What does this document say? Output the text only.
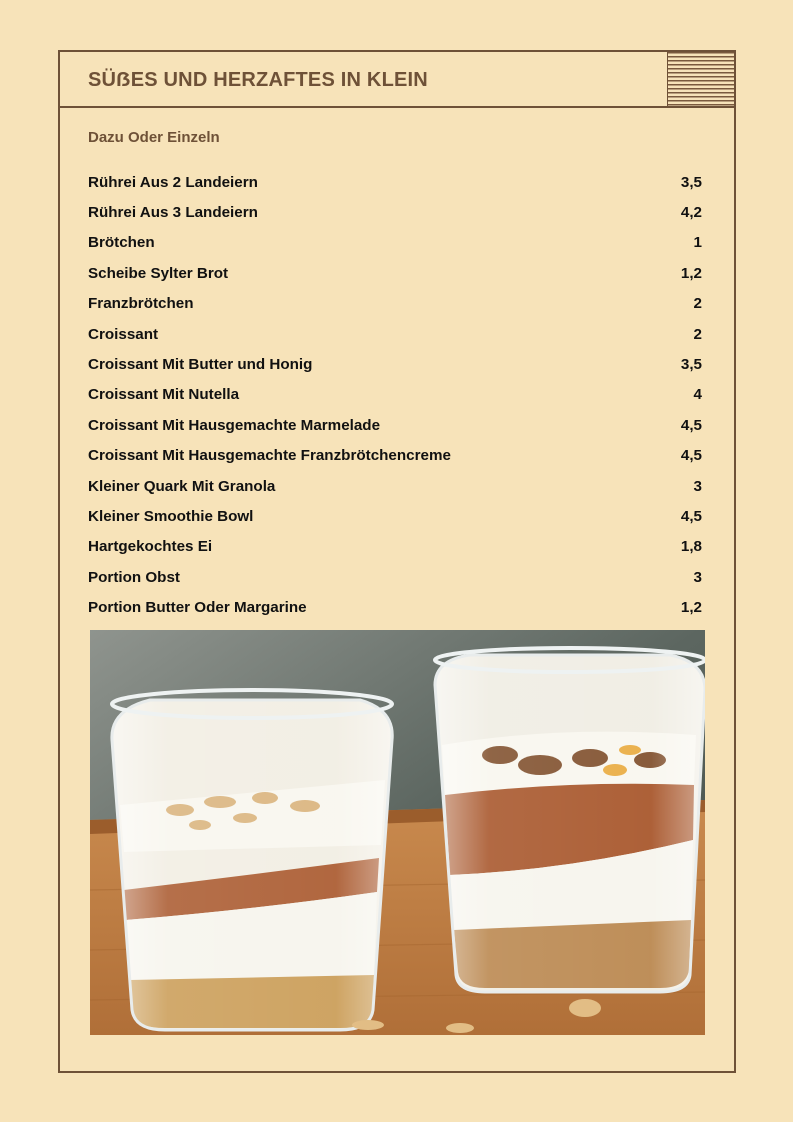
SÜẞES UND HERZAFTES IN KLEIN
Dazu Oder Einzeln
Rührei Aus 2 Landeiern	3,5
Rührei Aus 3 Landeiern	4,2
Brötchen	1
Scheibe Sylter Brot	1,2
Franzbrötchen	2
Croissant	2
Croissant Mit Butter und Honig	3,5
Croissant Mit Nutella	4
Croissant Mit Hausgemachte Marmelade	4,5
Croissant Mit Hausgemachte Franzbrötchencreme	4,5
Kleiner Quark Mit Granola	3
Kleiner Smoothie Bowl	4,5
Hartgekochtes Ei	1,8
Portion Obst	3
Portion Butter Oder Margarine	1,2
